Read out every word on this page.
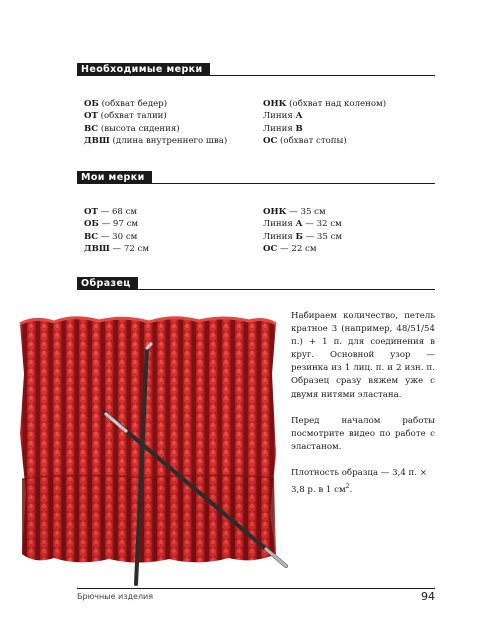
Необходимые мерки
ОБ (обхват бедер)
ОТ (обхват талии)
ВС (высота сидения)
ДВШ (длина внутреннего шва)
ОНК (обхват над коленом)
Линия А
Линия В
ОС (обхват стопы)
Мои мерки
ОТ — 68 см
ОБ — 97 см
ВС — 30 см
ДВШ — 72 см
ОНК — 35 см
Линия А — 32 см
Линия Б — 35 см
ОС — 22 см
Образец

Набираем количество, петель кратное 3 (например, 48/51/54 п.) + 1 п. для соединения в круг. Основной узор — резинка из 1 лиц. п. и 2 изн. п. Образец сразу вяжем уже с двумя нитями эластана.

Перед началом работы посмотрите видео по работе с эластаном.

Плотность образца — 3,4 п. × 3,8 р. в 1 $см^2$.

Брючные изделия	94
